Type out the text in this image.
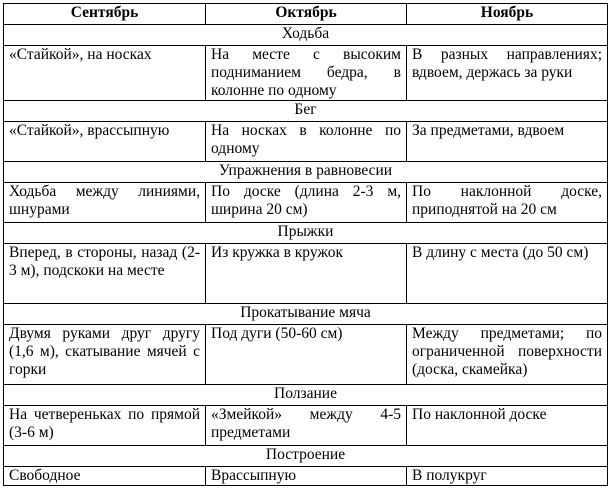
Сентябрь	Октябрь	Ноябрь
Ходьба		
«Стайкой», на носках	На месте с высоким подниманием бедра, в колонне по одному	В разных направлениях; вдвоем, держась за руки
Бег		
«Стайкой», врассыпную	На носках в колонне по одному	За предметами, вдвоем
Упражнения в равновесии		
Ходьба между линиями, шнурами	По доске (длина 2-3 м, ширина 20 см)	По наклонной доске, приподнятой на 20 см
Прыжки		
Вперед, в стороны, назад (2-3 м), подскоки на месте	Из кружка в кружок	В длину с места (до 50 см)
Прокатывание мяча		
Двумя руками друг другу (1,6 м), скатывание мячей с горки	Под дуги (50-60 см)	Между предметами; по ограниченной поверхности (доска, скамейка)
Ползание		
На четвереньках по прямой (3-6 м)	«Змейкой» между 4-5 предметами	По наклонной доске
Построение		
Свободное	Врассыпную	В полукруг
